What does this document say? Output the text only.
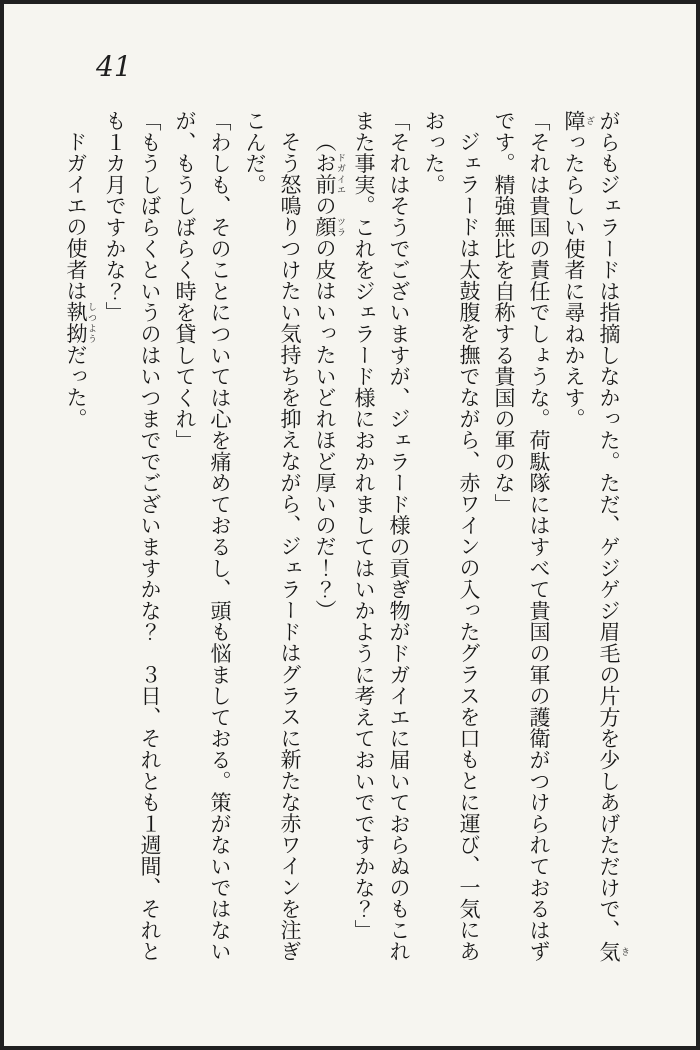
41

がらもジェラードは指摘しなかった。ただ、ゲジゲジ眉毛の片方を少しあげただけで、気 き障 ざったらしい使者に尋ねかえす。

「それは貴国の責任でしょうな。荷駄隊にはすべて貴国の軍の護衛がつけられておるはずです。精強無比を自称する貴国の軍のな」

ジェラードは太鼓腹を撫でながら、赤ワインの入ったグラスを口もとに運び、一気にあおった。

「それはそうでございますが、ジェラード様の貢ぎ物がドガイエに届いておらぬのもこれまた事実。これをジェラード様におかれましてはいかように考えておいでですかな？」

（お前 ドガイエの顔 ツラの皮はいったいどれほど厚いのだ！？）

そう怒鳴りつけたい気持ちを抑えながら、ジェラードはグラスに新たな赤ワインを注ぎこんだ。

「わしも、そのことについては心を痛めておるし、頭も悩ましておる。策がないではないが、もうしばらく時を貸してくれ」

「もうしばらくというのはいつまででございますかな？　３日、それとも１週間、それとも１カ月ですかな？」

ドガイエの使者は執拗 しつようだった。
